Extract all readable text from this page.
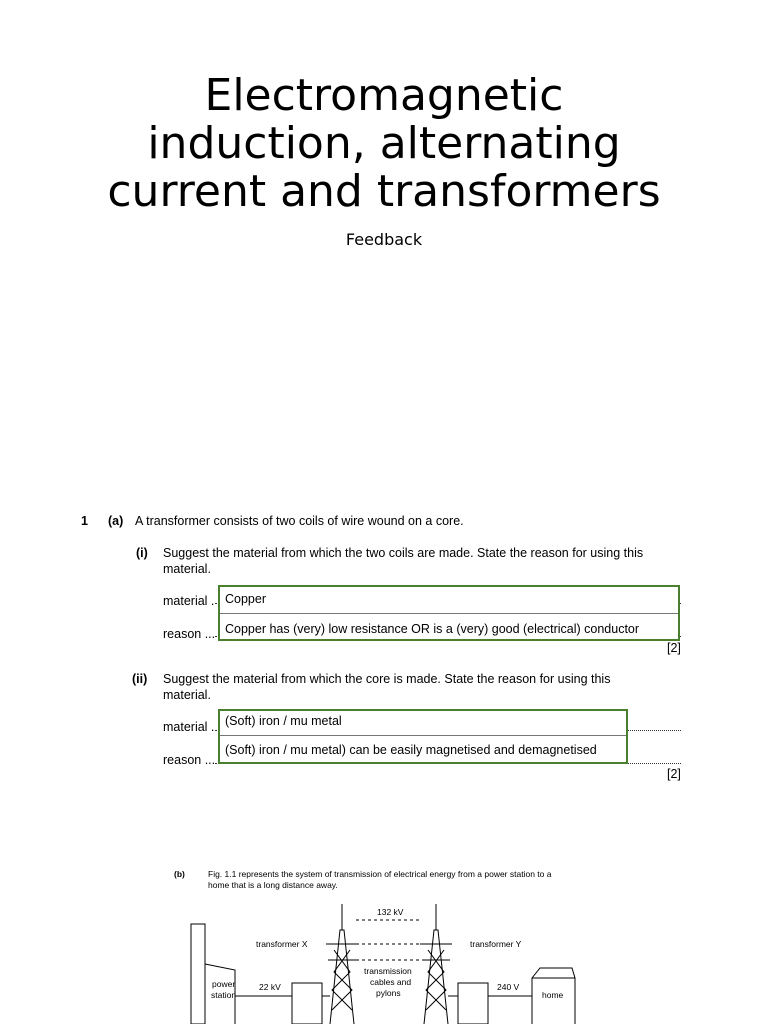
Electromagnetic
induction, alternating
current and transformers
Feedback
1 (a) A transformer consists of two coils of wire wound on a core.
(i) Suggest the material from which the two coils are made. State the reason for using this
material.
material .
reason ...
Copper
Copper has (very) low resistance OR is a (very) good (electrical) conductor
[2]
(ii) Suggest the material from which the core is made. State the reason for using this
material.
material .
reason ...
(Soft) iron / mu metal
(Soft) iron / mu metal) can be easily magnetised and demagnetised
[2]
(b)	Fig. 1.1 represents the system of transmission of electrical energy from a power station to a
home that is a long distance away.
132 kV
transformer X	transformer Y
power
station
22 kV
transmission
cables and
pylons
240 V
home
